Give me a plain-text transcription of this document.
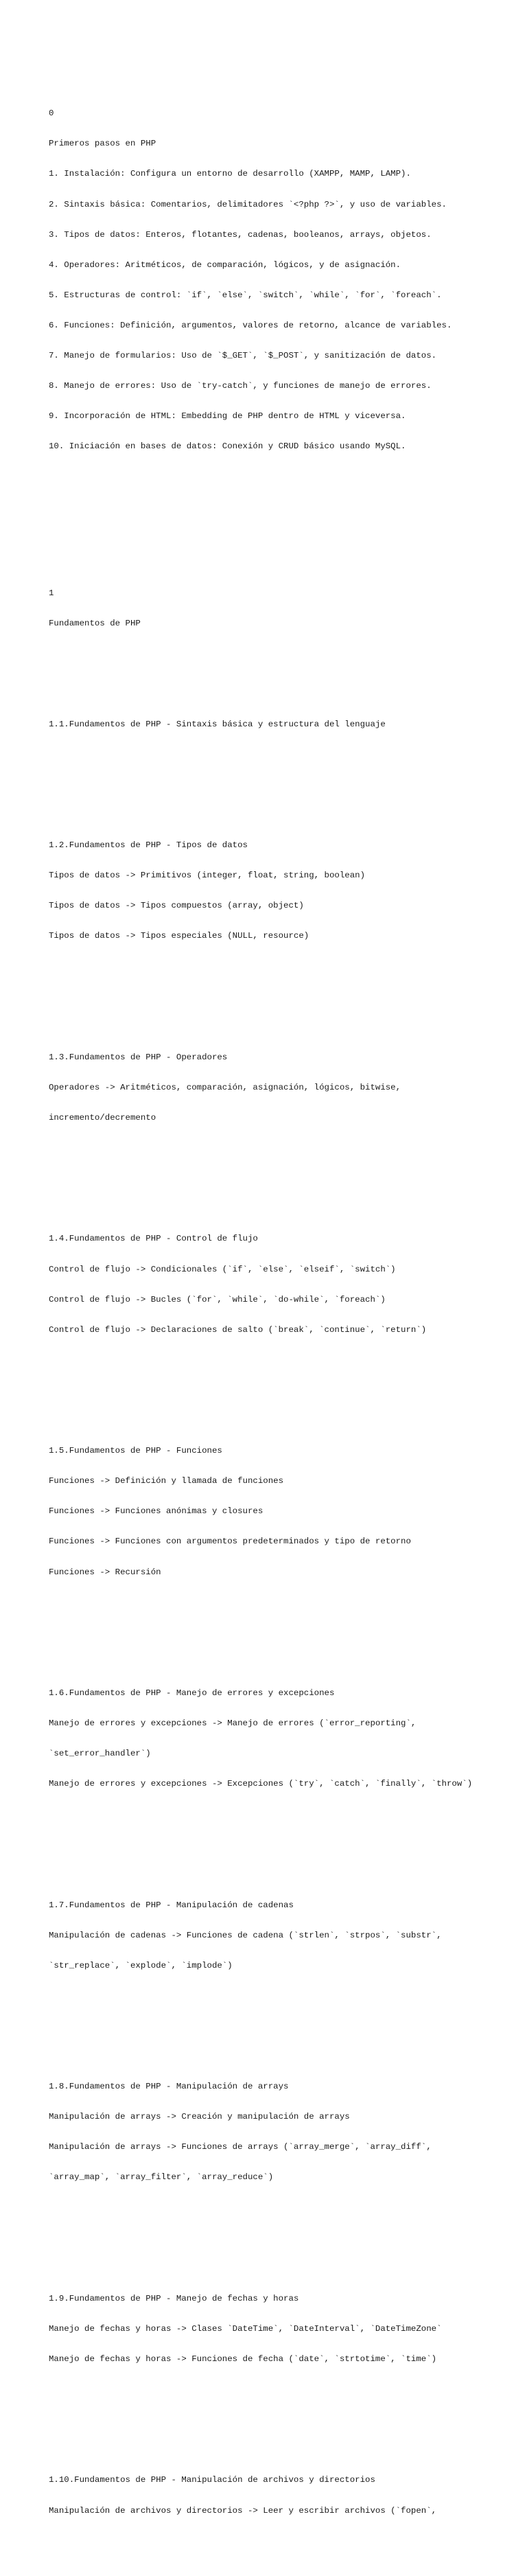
0

Primeros pasos en PHP

1. Instalación: Configura un entorno de desarrollo (XAMPP, MAMP, LAMP).

2. Sintaxis básica: Comentarios, delimitadores `<?php ?>`, y uso de variables.

3. Tipos de datos: Enteros, flotantes, cadenas, booleanos, arrays, objetos.

4. Operadores: Aritméticos, de comparación, lógicos, y de asignación.

5. Estructuras de control: `if`, `else`, `switch`, `while`, `for`, `foreach`.

6. Funciones: Definición, argumentos, valores de retorno, alcance de variables.

7. Manejo de formularios: Uso de `$_GET`, `$_POST`, y sanitización de datos.

8. Manejo de errores: Uso de `try-catch`, y funciones de manejo de errores.

9. Incorporación de HTML: Embedding de PHP dentro de HTML y viceversa.

10. Iniciación en bases de datos: Conexión y CRUD básico usando MySQL.

1

Fundamentos de PHP

1.1.Fundamentos de PHP - Sintaxis básica y estructura del lenguaje

1.2.Fundamentos de PHP - Tipos de datos

Tipos de datos -> Primitivos (integer, float, string, boolean)

Tipos de datos -> Tipos compuestos (array, object)

Tipos de datos -> Tipos especiales (NULL, resource)

1.3.Fundamentos de PHP - Operadores

Operadores -> Aritméticos, comparación, asignación, lógicos, bitwise,

incremento/decremento

1.4.Fundamentos de PHP - Control de flujo

Control de flujo -> Condicionales (`if`, `else`, `elseif`, `switch`)

Control de flujo -> Bucles (`for`, `while`, `do-while`, `foreach`)

Control de flujo -> Declaraciones de salto (`break`, `continue`, `return`)

1.5.Fundamentos de PHP - Funciones

Funciones -> Definición y llamada de funciones

Funciones -> Funciones anónimas y closures

Funciones -> Funciones con argumentos predeterminados y tipo de retorno

Funciones -> Recursión

1.6.Fundamentos de PHP - Manejo de errores y excepciones

Manejo de errores y excepciones -> Manejo de errores (`error_reporting`,

`set_error_handler`)

Manejo de errores y excepciones -> Excepciones (`try`, `catch`, `finally`, `throw`)

1.7.Fundamentos de PHP - Manipulación de cadenas

Manipulación de cadenas -> Funciones de cadena (`strlen`, `strpos`, `substr`,

`str_replace`, `explode`, `implode`)

1.8.Fundamentos de PHP - Manipulación de arrays

Manipulación de arrays -> Creación y manipulación de arrays

Manipulación de arrays -> Funciones de arrays (`array_merge`, `array_diff`,

`array_map`, `array_filter`, `array_reduce`)

1.9.Fundamentos de PHP - Manejo de fechas y horas

Manejo de fechas y horas -> Clases `DateTime`, `DateInterval`, `DateTimeZone`

Manejo de fechas y horas -> Funciones de fecha (`date`, `strtotime`, `time`)

1.10.Fundamentos de PHP - Manipulación de archivos y directorios

Manipulación de archivos y directorios -> Leer y escribir archivos (`fopen`,
